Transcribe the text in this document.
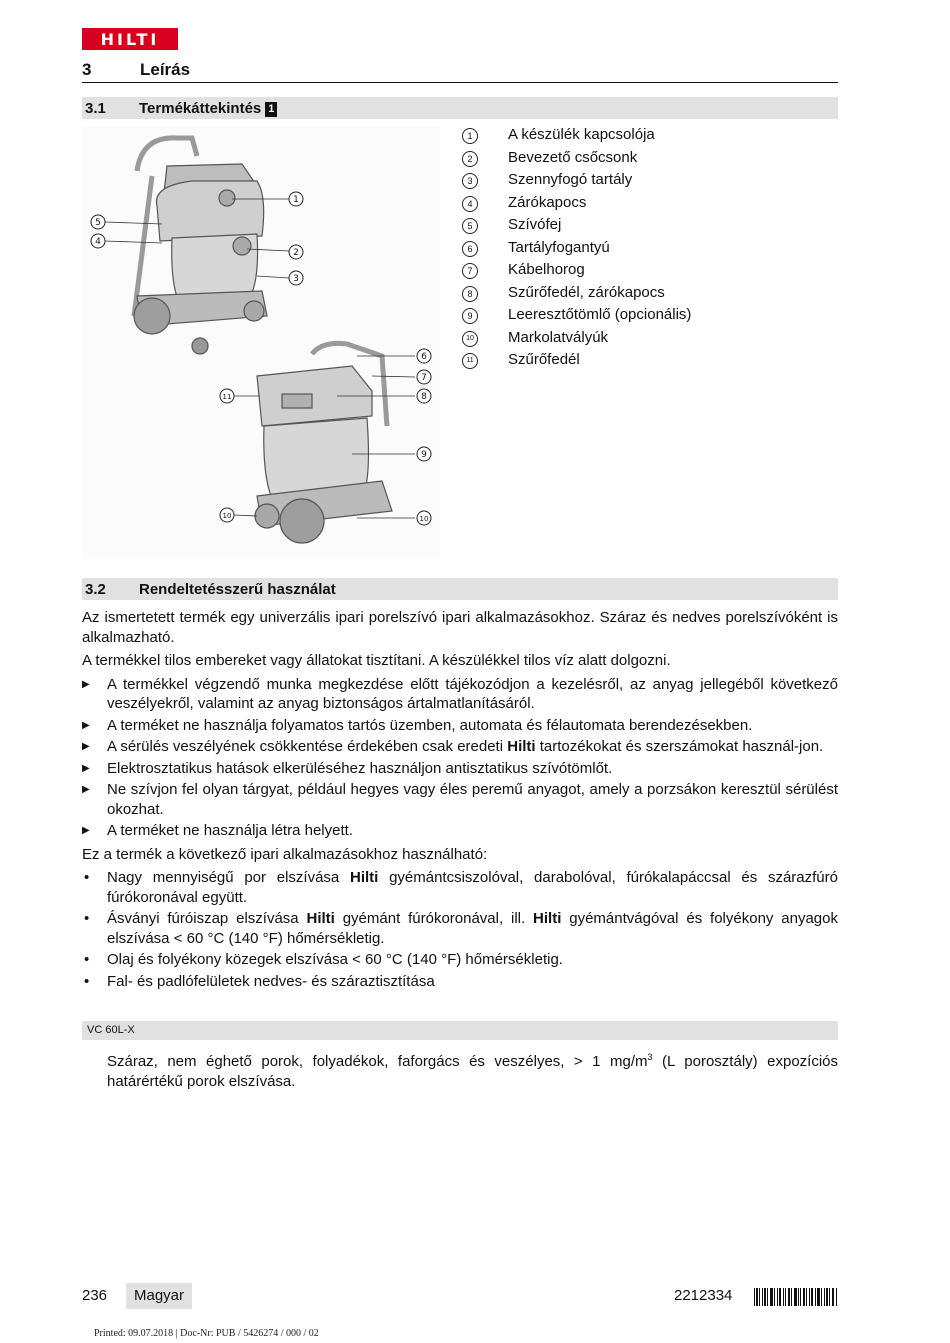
HILTI
3	Leírás
3.1 Termékáttekintés 1
1
2
3
4
5
6
7
8
9
10	10
11
1	A készülék kapcsolója
2	Bevezető csőcsonk
3	Szennyfogó tartály
4	Zárókapocs
5	Szívófej
6	Tartályfogantyú
7	Kábelhorog
8	Szűrőfedél, zárókapocs
9	Leeresztőtömlő (opcionális)
10 Markolatvályúk
11 Szűrőfedél
3.2 Rendeltetésszerű használat

Az ismertetett termék egy univerzális ipari porelszívó ipari alkalmazásokhoz. Száraz és nedves porelszívóként is alkalmazható.

A termékkel tilos embereket vagy állatokat tisztítani. A készülékkel tilos víz alatt dolgozni.

▶ A termékkel végzendő munka megkezdése előtt tájékozódjon a kezelésről, az anyag jellegéből következő veszélyekről, valamint az anyag biztonságos ártalmatlanításáról.
▶ A terméket ne használja folyamatos tartós üzemben, automata és félautomata berendezésekben.
▶ A sérülés veszélyének csökkentése érdekében csak eredeti Hilti tartozékokat és szerszámokat használ-jon.
▶ Elektrosztatikus hatások elkerüléséhez használjon antisztatikus szívótömlőt.
▶ Ne szívjon fel olyan tárgyat, például hegyes vagy éles peremű anyagot, amely a porzsákon keresztül sérülést okozhat.
▶ A terméket ne használja létra helyett.

Ez a termék a következő ipari alkalmazásokhoz használható:

• Nagy mennyiségű por elszívása Hilti gyémántcsiszolóval, darabolóval, fúrókalapáccsal és szárazfúró fúrókoronával együtt.
• Ásványi fúróiszap elszívása Hilti gyémánt fúrókoronával, ill. Hilti gyémántvágóval és folyékony anyagok elszívása < 60 °C (140 °F) hőmérsékletig.
• Olaj és folyékony közegek elszívása < 60 °C (140 °F) hőmérsékletig.
• Fal- és padlófelületek nedves- és száraztisztítása
VC 60L-X
Száraz, nem éghető porok, folyadékok, faforgács és veszélyes, > 1 $mg/m^3$ (L porosztály) expozíciós határértékű porok elszívása.
236	Magyar	2212334
Printed: 09.07.2018 | Doc-Nr: PUB / 5426274 / 000 / 02
